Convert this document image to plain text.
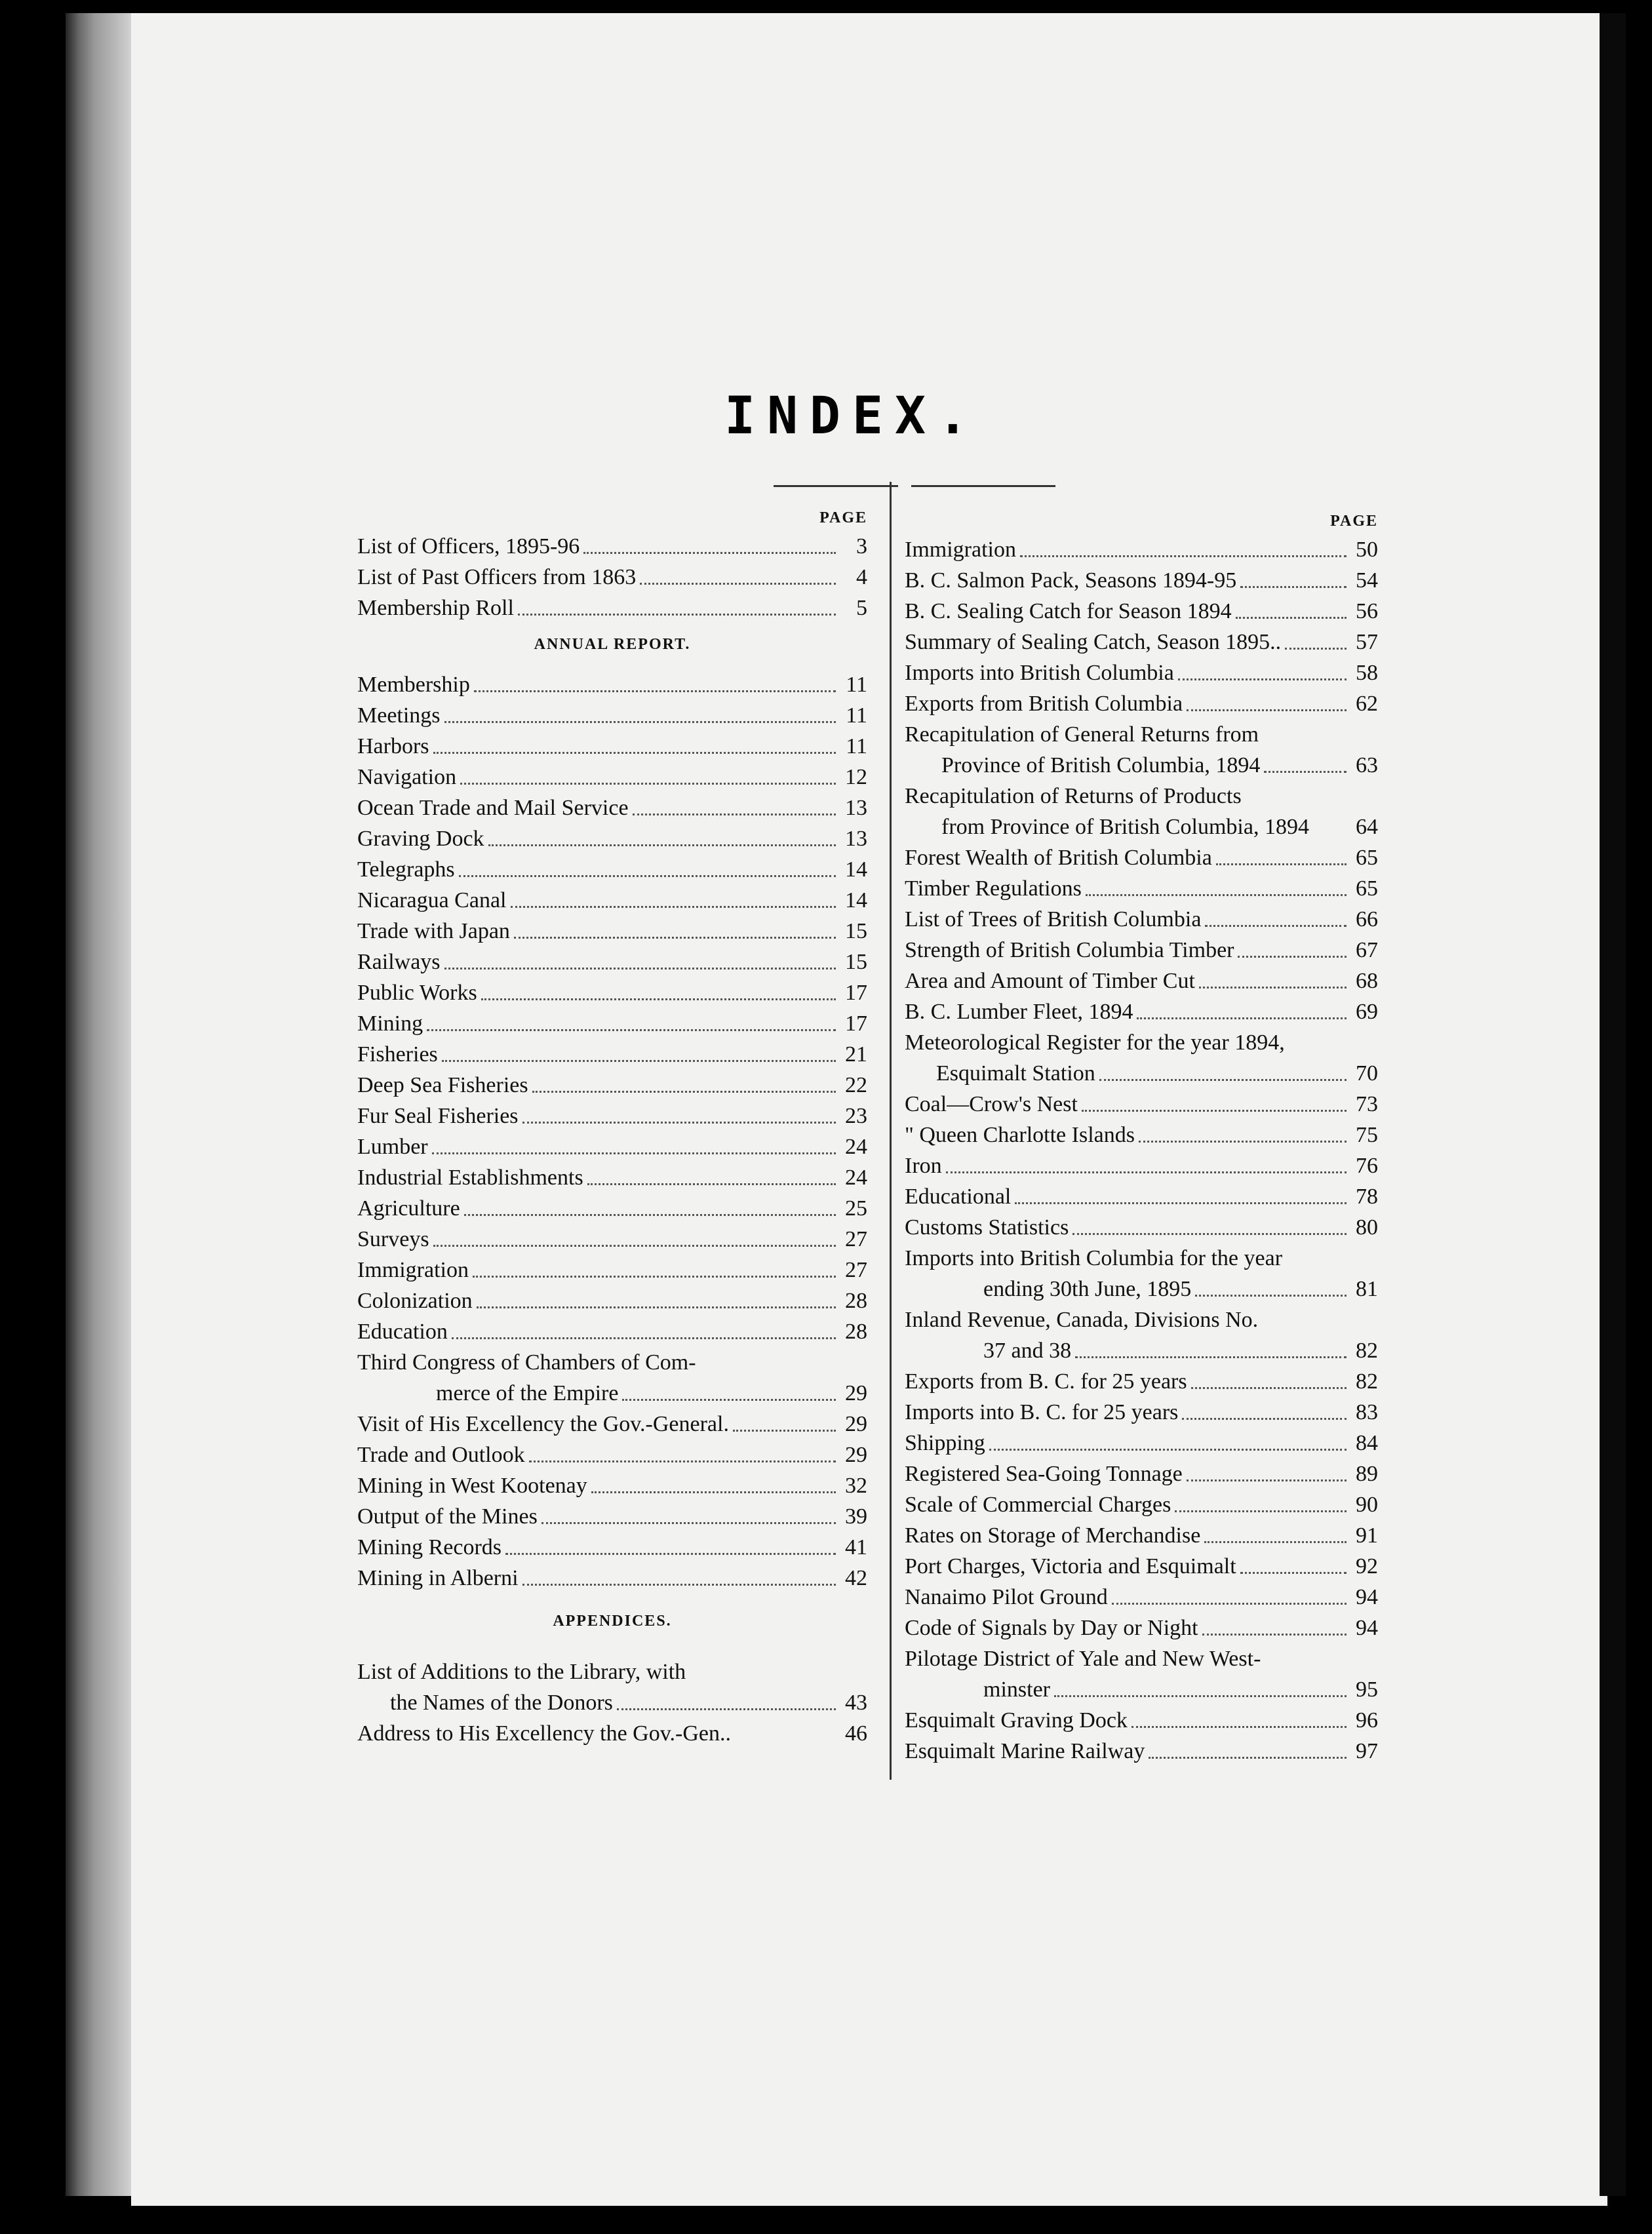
INDEX.
PAGE
List of Officers, 1895-96	3
List of Past Officers from 1863	4
Membership Roll	5
ANNUAL REPORT.
Membership	11
Meetings	11
Harbors	11
Navigation	12
Ocean Trade and Mail Service	13
Graving Dock	13
Telegraphs	14
Nicaragua Canal	14
Trade with Japan	15
Railways	15
Public Works	17
Mining	17
Fisheries	21
Deep Sea Fisheries	22
Fur Seal Fisheries	23
Lumber	24
Industrial Establishments	24
Agriculture	25
Surveys	27
Immigration	27
Colonization	28
Education	28
Third Congress of Chambers of Com-
merce of the Empire	29
Visit of His Excellency the Gov.-General.	29
Trade and Outlook	29
Mining in West Kootenay	32
Output of the Mines	39
Mining Records	41
Mining in Alberni	42
APPENDICES.
List of Additions to the Library, with
the Names of the Donors	43
Address to His Excellency the Gov.-Gen..	46
PAGE
Immigration	50
B. C. Salmon Pack, Seasons 1894-95	54
B. C. Sealing Catch for Season 1894	56
Summary of Sealing Catch, Season 1895..	57
Imports into British Columbia	58
Exports from British Columbia	62
Recapitulation of General Returns from
Province of British Columbia, 1894	63
Recapitulation of Returns of Products
from Province of British Columbia, 1894 64
Forest Wealth of British Columbia	65
Timber Regulations	65
List of Trees of British Columbia	66
Strength of British Columbia Timber	67
Area and Amount of Timber Cut	68
B. C. Lumber Fleet, 1894	69
Meteorological Register for the year 1894,
Esquimalt Station	70
Coal—Crow's Nest	73
" Queen Charlotte Islands	75
Iron	76
Educational	78
Customs Statistics	80
Imports into British Columbia for the year
ending 30th June, 1895	81
Inland Revenue, Canada, Divisions No.
37 and 38	82
Exports from B. C. for 25 years	82
Imports into B. C. for 25 years	83
Shipping	84
Registered Sea-Going Tonnage	89
Scale of Commercial Charges	90
Rates on Storage of Merchandise	91
Port Charges, Victoria and Esquimalt	92
Nanaimo Pilot Ground	94
Code of Signals by Day or Night	94
Pilotage District of Yale and New West-
minster	95
Esquimalt Graving Dock	96
Esquimalt Marine Railway	97
